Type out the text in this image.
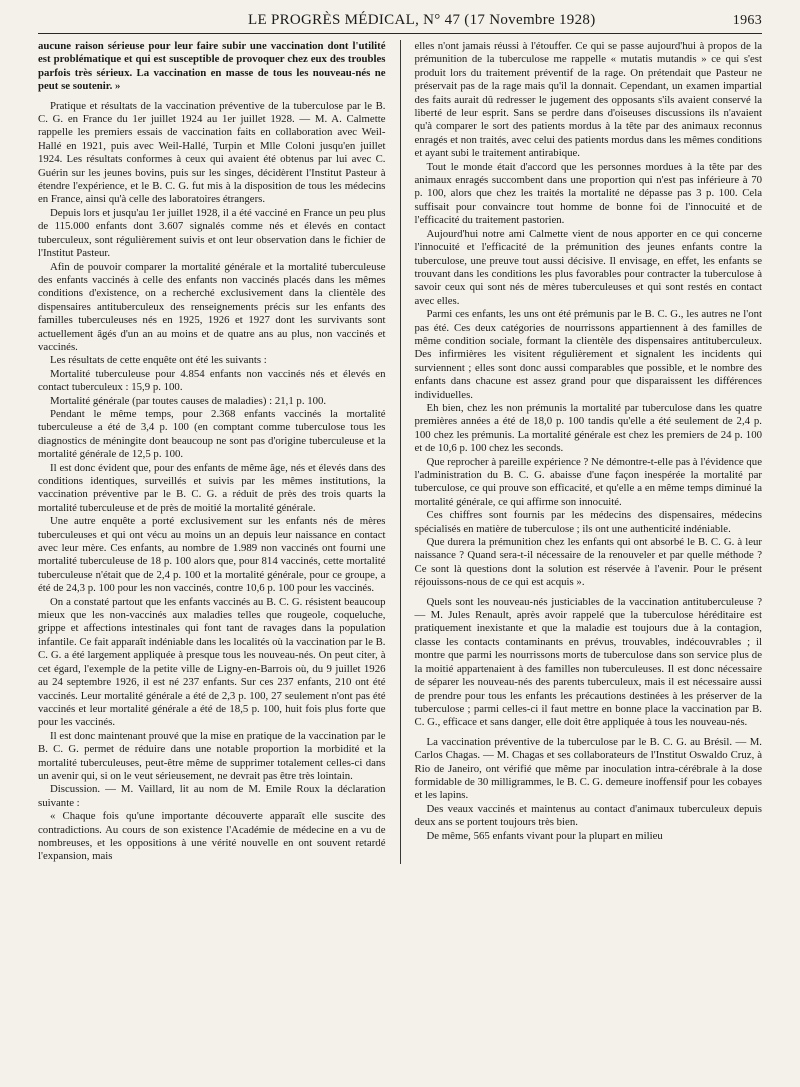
LE PROGRÈS MÉDICAL, N° 47 (17 Novembre 1928)	1963

aucune raison sérieuse pour leur faire subir une vaccination dont l'utilité est problématique et qui est susceptible de provoquer chez eux des troubles parfois très sérieux. La vaccination en masse de tous les nouveau-nés ne peut se soutenir. »

Pratique et résultats de la vaccination préventive de la tuberculose par le B. C. G. en France du 1er juillet 1924 au 1er juillet 1928. — M. A. Calmette rappelle les premiers essais de vaccination faits en collaboration avec Weil-Hallé en 1921, puis avec Weil-Hallé, Turpin et Mlle Coloni jusqu'en juillet 1924. Les résultats conformes à ceux qui avaient été obtenus par lui avec C. Guérin sur les jeunes bovins, puis sur les singes, décidèrent l'Institut Pasteur à étendre l'expérience, et le B. C. G. fut mis à la disposition de tous les médecins en France, ainsi qu'à celle des laboratoires étrangers.

Depuis lors et jusqu'au 1er juillet 1928, il a été vacciné en France un peu plus de 115.000 enfants dont 3.607 signalés comme nés et élevés en contact tuberculeux, sont régulièrement suivis et ont leur observation dans le fichier de l'Institut Pasteur.

Afin de pouvoir comparer la mortalité générale et la mortalité tuberculeuse des enfants vaccinés à celle des enfants non vaccinés placés dans les mêmes conditions d'existence, on a recherché exclusivement dans la clientèle des dispensaires antituberculeux des renseignements précis sur les enfants des familles tuberculeuses nés en 1925, 1926 et 1927 dont les survivants sont actuellement âgés d'un an au moins et de quatre ans au plus, non vaccinés et vaccinés.

Les résultats de cette enquête ont été les suivants :

Mortalité tuberculeuse pour 4.854 enfants non vaccinés nés et élevés en contact tuberculeux : 15,9 p. 100.

Mortalité générale (par toutes causes de maladies) : 21,1 p. 100.

Pendant le même temps, pour 2.368 enfants vaccinés la mortalité tuberculeuse a été de 3,4 p. 100 (en comptant comme tuberculose tous les diagnostics de méningite dont beaucoup ne sont pas d'origine tuberculeuse et la mortalité générale de 12,5 p. 100.

Il est donc évident que, pour des enfants de même âge, nés et élevés dans des conditions identiques, surveillés et suivis par les mêmes institutions, la vaccination préventive par le B. C. G. a réduit de près des trois quarts la mortalité tuberculeuse et de près de moitié la mortalité générale.

Une autre enquête a porté exclusivement sur les enfants nés de mères tuberculeuses et qui ont vécu au moins un an depuis leur naissance en contact avec leur mère. Ces enfants, au nombre de 1.989 non vaccinés ont fourni une mortalité tuberculeuse de 18 p. 100 alors que, pour 814 vaccinés, cette mortalité tuberculeuse n'était que de 2,4 p. 100 et la mortalité générale, pour ce groupe, a été de 24,3 p. 100 pour les non vaccinés, contre 10,6 p. 100 pour les vaccinés.

On a constaté partout que les enfants vaccinés au B. C. G. résistent beaucoup mieux que les non-vaccinés aux maladies telles que rougeole, coqueluche, grippe et affections intestinales qui font tant de ravages dans la population infantile. Ce fait apparaît indéniable dans les localités où la vaccination par le B. C. G. a été largement appliquée à presque tous les nouveau-nés. On peut citer, à cet égard, l'exemple de la petite ville de Ligny-en-Barrois où, du 9 juillet 1926 au 24 septembre 1926, il est né 237 enfants. Sur ces 237 enfants, 210 ont été vaccinés. Leur mortalité générale a été de 2,3 p. 100, 27 seulement n'ont pas été vaccinés et leur mortalité générale a été de 18,5 p. 100, huit fois plus forte que pour les vaccinés.

Il est donc maintenant prouvé que la mise en pratique de la vaccination par le B. C. G. permet de réduire dans une notable proportion la morbidité et la mortalité tuberculeuses, peut-être même de supprimer totalement celles-ci dans un avenir qui, si on le veut sérieusement, ne devrait pas être très lointain.

Discussion. — M. Vaillard, lit au nom de M. Emile Roux la déclaration suivante :

« Chaque fois qu'une importante découverte apparaît elle suscite des contradictions. Au cours de son existence l'Académie de médecine en a vu de nombreuses, et les oppositions à une vérité nouvelle en ont souvent retardé l'expansion, mais

elles n'ont jamais réussi à l'étouffer. Ce qui se passe aujourd'hui à propos de la prémunition de la tuberculose me rappelle « mutatis mutandis » ce qui s'est produit lors du traitement préventif de la rage. On prétendait que Pasteur ne préservait pas de la rage mais qu'il la donnait. Cependant, un examen impartial des faits aurait dû redresser le jugement des opposants s'ils avaient conservé la liberté de leur esprit. Sans se perdre dans d'oiseuses discussions ils n'avaient qu'à comparer le sort des patients mordus à la tête par des animaux reconnus enragés et non traités, avec celui des patients mordus dans les mêmes conditions et ayant subi le traitement antirabique.

Tout le monde était d'accord que les personnes mordues à la tête par des animaux enragés succombent dans une proportion qui n'est pas inférieure à 70 p. 100, alors que chez les traités la mortalité ne dépasse pas 3 p. 100. Cela suffisait pour convaincre tout homme de bonne foi de l'innocuité et de l'efficacité du traitement pastorien.

Aujourd'hui notre ami Calmette vient de nous apporter en ce qui concerne l'innocuité et l'efficacité de la prémunition des jeunes enfants contre la tuberculose, une preuve tout aussi décisive. Il envisage, en effet, les enfants se trouvant dans les conditions les plus favorables pour contracter la tuberculose à savoir ceux qui sont nés de mères tuberculeuses et qui sont restés en contact avec elles.

Parmi ces enfants, les uns ont été prémunis par le B. C. G., les autres ne l'ont pas été. Ces deux catégories de nourrissons appartiennent à des familles de même condition sociale, formant la clientèle des dispensaires antituberculeux. Des infirmières les visitent régulièrement et signalent les incidents qui surviennent ; elles sont donc aussi comparables que possible, et le nombre des enfants dans chacune est assez grand pour que disparaissent les différences individuelles.

Eh bien, chez les non prémunis la mortalité par tuberculose dans les quatre premières années a été de 18,0 p. 100 tandis qu'elle a été seulement de 2,4 p. 100 chez les prémunis. La mortalité générale est chez les premiers de 24 p. 100 et de 10,6 p. 100 chez les seconds.

Que reprocher à pareille expérience ? Ne démontre-t-elle pas à l'évidence que l'administration du B. C. G. abaisse d'une façon inespérée la mortalité par tuberculose, ce qui prouve son efficacité, et qu'elle a en même temps diminué la mortalité générale, ce qui affirme son innocuité.

Ces chiffres sont fournis par les médecins des dispensaires, médecins spécialisés en matière de tuberculose ; ils ont une authenticité indéniable.

Que durera la prémunition chez les enfants qui ont absorbé le B. C. G. à leur naissance ? Quand sera-t-il nécessaire de la renouveler et par quelle méthode ? Ce sont là questions dont la solution est réservée à l'avenir. Pour le présent réjouissons-nous de ce qui est acquis ».

Quels sont les nouveau-nés justiciables de la vaccination antituberculeuse ? — M. Jules Renault, après avoir rappelé que la tuberculose héréditaire est pratiquement inexistante et que la maladie est toujours due à la contagion, classe les contacts contaminants en prévus, trouvables, indécouvrables ; il montre que parmi les nourrissons morts de tuberculose dans son service plus de la moitié appartenaient à des familles non tuberculeuses. Il est donc nécessaire de séparer les nouveau-nés des parents tuberculeux, mais il est nécessaire aussi de prendre pour tous les enfants les précautions destinées à les préserver de la tuberculose ; parmi celles-ci il faut mettre en bonne place la vaccination par B. C. G., efficace et sans danger, elle doit être appliquée à tous les nouveau-nés.

La vaccination préventive de la tuberculose par le B. C. G. au Brésil. — M. Carlos Chagas. — M. Chagas et ses collaborateurs de l'Institut Oswaldo Cruz, à Rio de Janeiro, ont vérifié que même par inoculation intra-cérébrale à la dose formidable de 30 milligrammes, le B. C. G. demeure inoffensif pour les cobayes et les lapins.

Des veaux vaccinés et maintenus au contact d'animaux tuberculeux depuis deux ans se portent toujours très bien.

De même, 565 enfants vivant pour la plupart en milieu
